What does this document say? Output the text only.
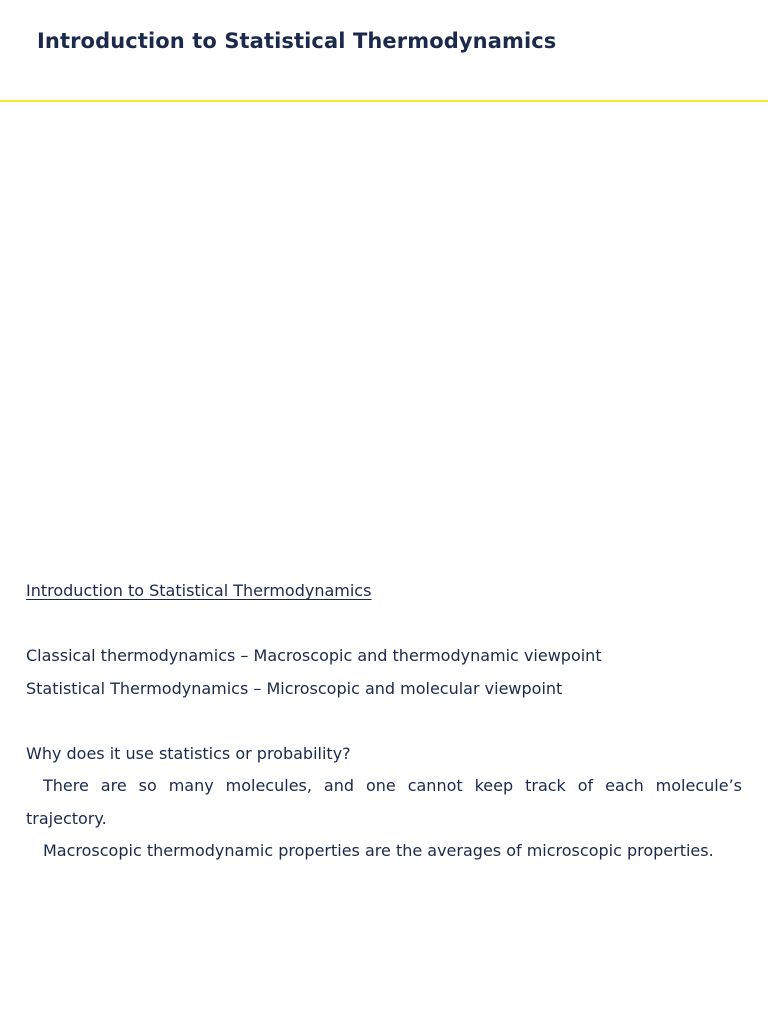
Introduction to Statistical Thermodynamics

Introduction to Statistical Thermodynamics

Classical thermodynamics – Macroscopic and thermodynamic viewpoint

Statistical Thermodynamics – Microscopic and molecular viewpoint

Why does it use statistics or probability?

There are so many molecules, and one cannot keep track of each molecule’s trajectory.

Macroscopic thermodynamic properties are the averages of microscopic properties.
